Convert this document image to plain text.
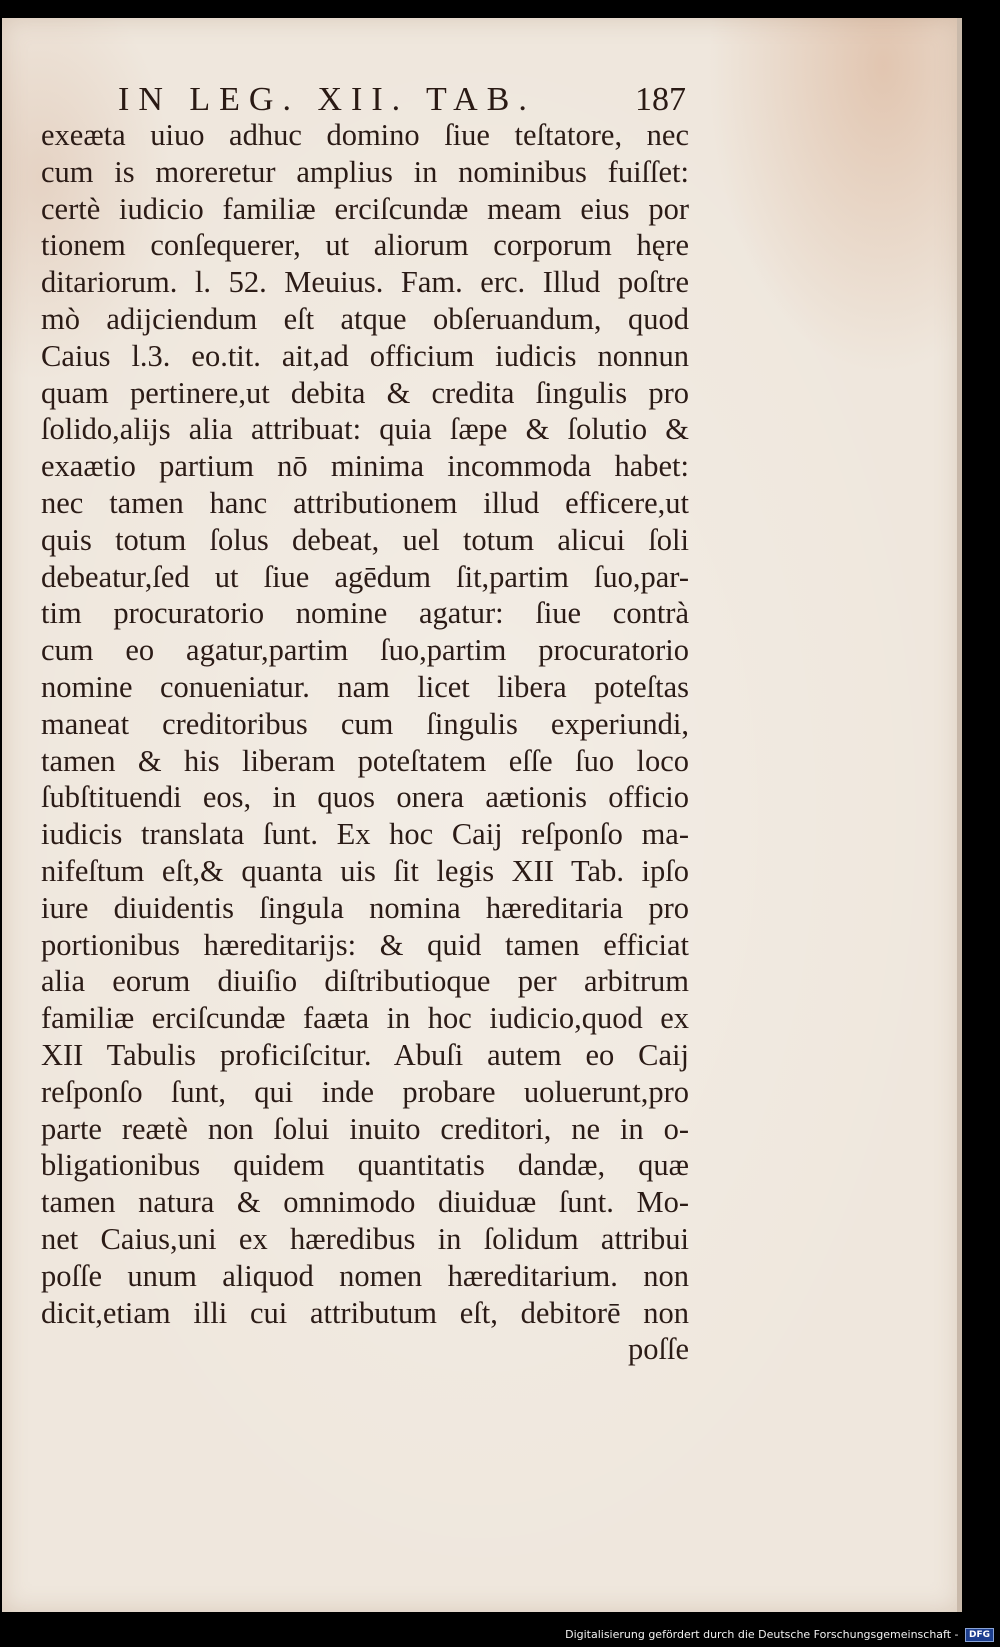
IN LEG. XII. TAB.	187
exeæta uiuo adhuc domino ſiue teſtatore, nec
cum is moreretur amplius in nominibus fuiſſet:
certè iudicio familiæ erciſcundæ meam eius por
tionem conſequerer, ut aliorum corporum hęre
ditariorum. l. 52. Meuius. Fam. erc. Illud poſtre
mò adijciendum eſt atque obſeruandum, quod
Caius l.3. eo.tit. ait,ad officium iudicis nonnun
quam pertinere,ut debita & credita ſingulis pro
ſolido,alijs alia attribuat: quia ſæpe & ſolutio &
exaætio partium nō minima incommoda habet:
nec tamen hanc attributionem illud efficere,ut
quis totum ſolus debeat, uel totum alicui ſoli
debeatur,ſed ut ſiue agēdum ſit,partim ſuo,par-
tim procuratorio nomine agatur: ſiue contrà
cum eo agatur,partim ſuo,partim procuratorio
nomine conueniatur. nam licet libera poteſtas
maneat creditoribus cum ſingulis experiundi,
tamen & his liberam poteſtatem eſſe ſuo loco
ſubſtituendi eos, in quos onera aætionis officio
iudicis translata ſunt. Ex hoc Caij reſponſo ma-
nifeſtum eſt,& quanta uis ſit legis XII Tab. ipſo
iure diuidentis ſingula nomina hæreditaria pro
portionibus hæreditarijs: & quid tamen efficiat
alia eorum diuiſio diſtributioque per arbitrum
familiæ erciſcundæ faæta in hoc iudicio,quod ex
XII Tabulis proficiſcitur. Abuſi autem eo Caij
reſponſo ſunt, qui inde probare uoluerunt,pro
parte reætè non ſolui inuito creditori, ne in o-
bligationibus quidem quantitatis dandæ, quæ
tamen natura & omnimodo diuiduæ ſunt. Mo-
net Caius,uni ex hæredibus in ſolidum attribui
poſſe unum aliquod nomen hæreditarium. non
dicit,etiam illi cui attributum eſt, debitorē non
poſſe
Digitalisierung gefördert durch die Deutsche Forschungsgemeinschaft - DFG
